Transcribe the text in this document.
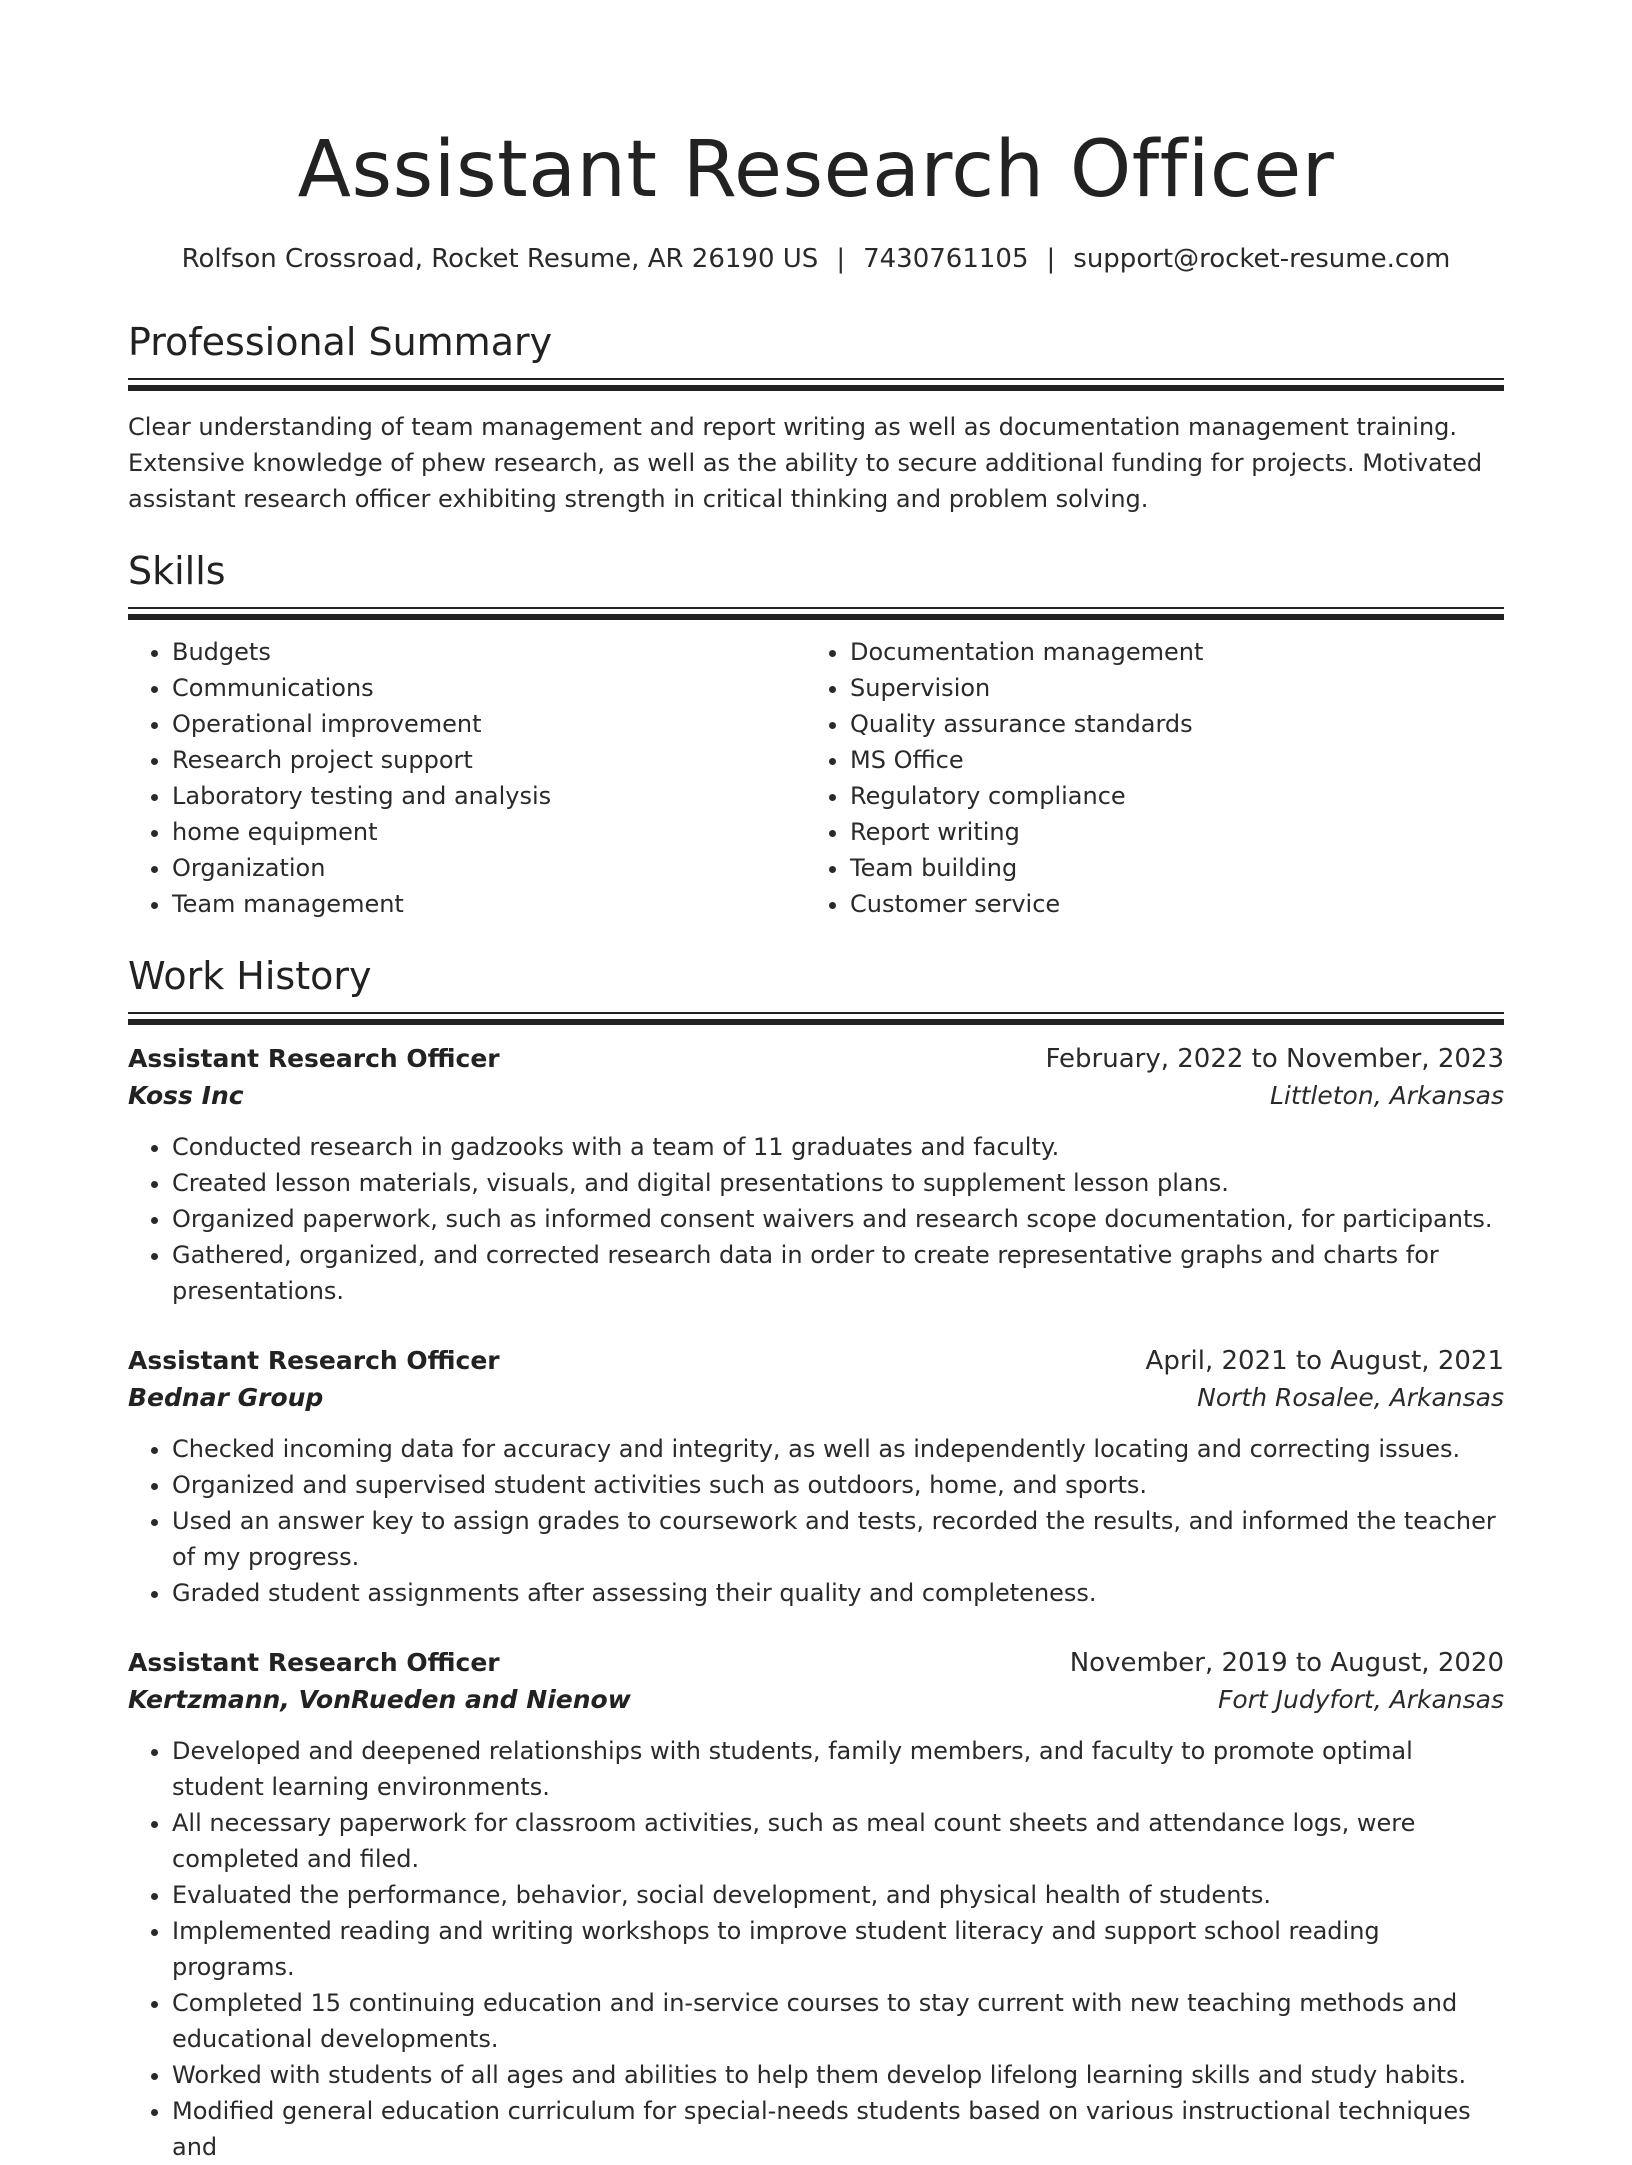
Assistant Research Officer
Rolfson Crossroad, Rocket Resume, AR 26190 US | 7430761105 | support@rocket-resume.com
Professional Summary

Clear understanding of team management and report writing as well as documentation management training. Extensive knowledge of phew research, as well as the ability to secure additional funding for projects. Motivated assistant research officer exhibiting strength in critical thinking and problem solving.

Skills
• Budgets
• Communications
• Operational improvement
• Research project support
• Laboratory testing and analysis
• home equipment
• Organization
• Team management
• Documentation management
• Supervision
• Quality assurance standards
• MS Office
• Regulatory compliance
• Report writing
• Team building
• Customer service
Work History
Assistant Research Officer	February, 2022 to November, 2023
Koss Inc	Littleton, Arkansas
• Conducted research in gadzooks with a team of 11 graduates and faculty.
• Created lesson materials, visuals, and digital presentations to supplement lesson plans.
• Organized paperwork, such as informed consent waivers and research scope documentation, for participants.
• Gathered, organized, and corrected research data in order to create representative graphs and charts for presentations.
Assistant Research Officer	April, 2021 to August, 2021
Bednar Group	North Rosalee, Arkansas
• Checked incoming data for accuracy and integrity, as well as independently locating and correcting issues.
• Organized and supervised student activities such as outdoors, home, and sports.
• Used an answer key to assign grades to coursework and tests, recorded the results, and informed the teacher of my progress.
• Graded student assignments after assessing their quality and completeness.
Assistant Research Officer	November, 2019 to August, 2020
Kertzmann, VonRueden and Nienow	Fort Judyfort, Arkansas
• Developed and deepened relationships with students, family members, and faculty to promote optimal student learning environments.
• All necessary paperwork for classroom activities, such as meal count sheets and attendance logs, were completed and filed.
• Evaluated the performance, behavior, social development, and physical health of students.
• Implemented reading and writing workshops to improve student literacy and support school reading programs.
• Completed 15 continuing education and in-service courses to stay current with new teaching methods and educational developments.
• Worked with students of all ages and abilities to help them develop lifelong learning skills and study habits.
• Modified general education curriculum for special-needs students based on various instructional techniques and
